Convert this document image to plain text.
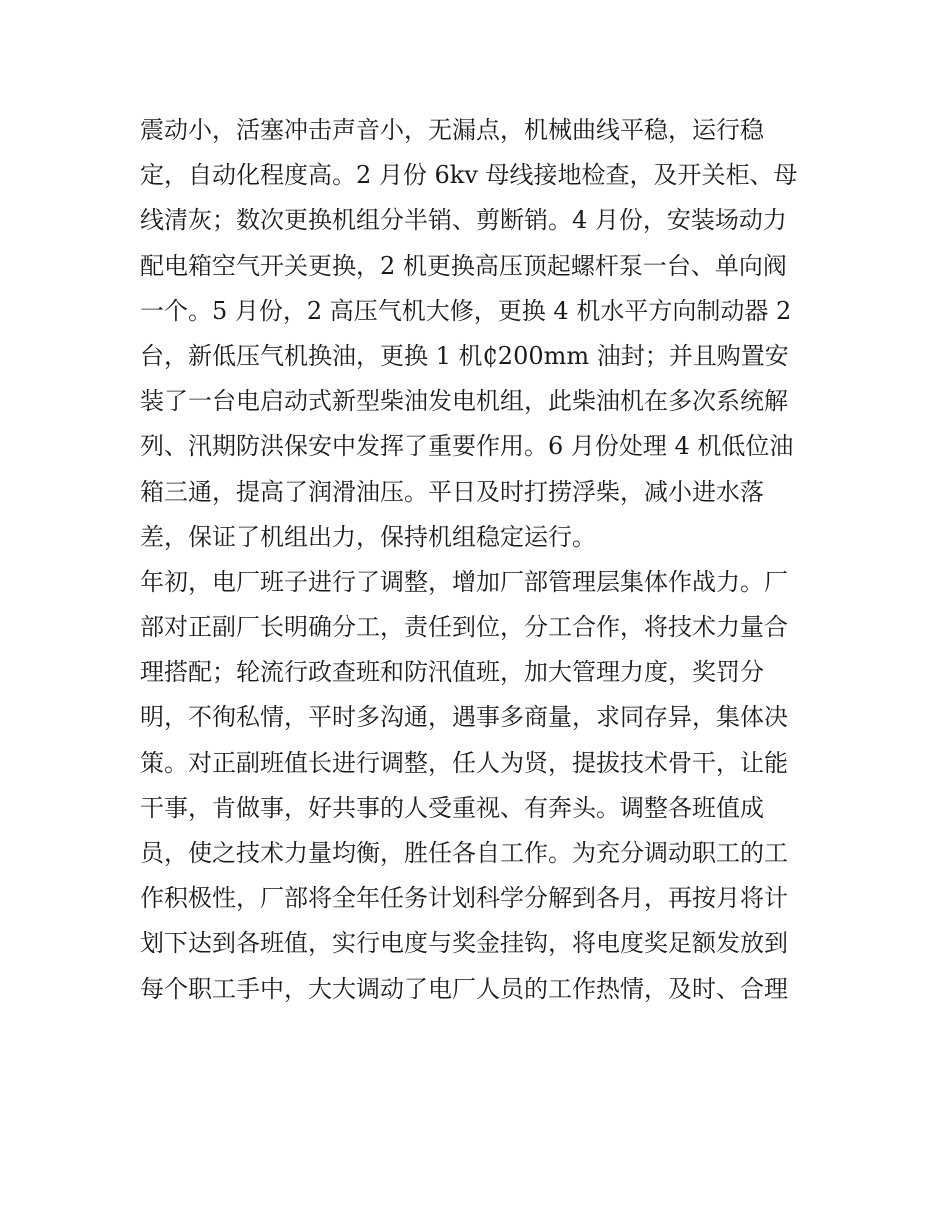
震动小，活塞冲击声音小，无漏点，机械曲线平稳，运行稳
定，自动化程度高。2 月份 6kv 母线接地检查，及开关柜、母
线清灰；数次更换机组分半销、剪断销。4 月份，安装场动力
配电箱空气开关更换，2 机更换高压顶起螺杆泵一台、单向阀
一个。5 月份，2 高压气机大修，更换 4 机水平方向制动器 2
台，新低压气机换油，更换 1 机₵200mm 油封；并且购置安
装了一台电启动式新型柴油发电机组，此柴油机在多次系统解
列、汛期防洪保安中发挥了重要作用。6 月份处理 4 机低位油
箱三通，提高了润滑油压。平日及时打捞浮柴，减小进水落
差，保证了机组出力，保持机组稳定运行。
年初，电厂班子进行了调整，增加厂部管理层集体作战力。厂
部对正副厂长明确分工，责任到位，分工合作，将技术力量合
理搭配；轮流行政查班和防汛值班，加大管理力度，奖罚分
明，不徇私情，平时多沟通，遇事多商量，求同存异，集体决
策。对正副班值长进行调整，任人为贤，提拔技术骨干，让能
干事，肯做事，好共事的人受重视、有奔头。调整各班值成
员，使之技术力量均衡，胜任各自工作。为充分调动职工的工
作积极性，厂部将全年任务计划科学分解到各月，再按月将计
划下达到各班值，实行电度与奖金挂钩，将电度奖足额发放到
每个职工手中，大大调动了电厂人员的工作热情，及时、合理
